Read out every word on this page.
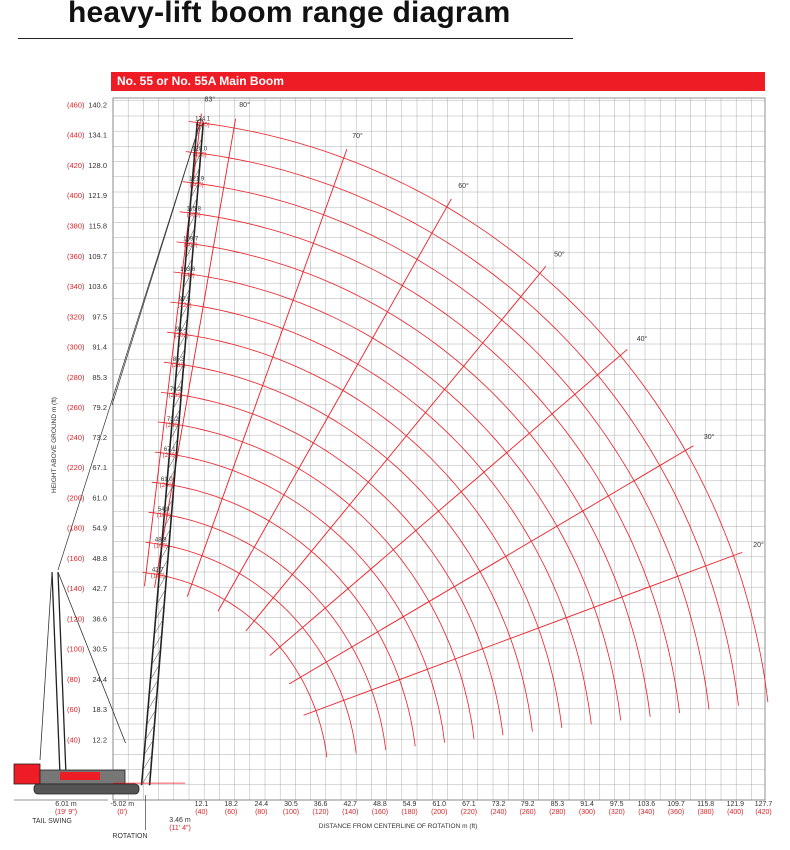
heavy-lift boom range diagram
No. 55 or No. 55A Main Boom
(460) 140.2
(440) 134.1
(420) 128.0
(400) 121.9
(380) 115.8
(360) 109.7
(340) 103.6
(320) 97.5
(300) 91.4
(280) 85.3
(260) 79.2
(240) 73.2
(220) 67.1
(200) 61.0
(180) 54.9
(160) 48.8
(140) 42.7
(120) 36.6
(100) 30.5
(80) 24.4
(60) 18.3
(40) 12.2
-5.02 m
(0')
12.1
(40)
18.2
(60)
24.4
(80)
30.5
(100)
36.6
(120)
42.7
(140)
48.8
(160)
54.9
(180)
61.0
(200)
67.1
(220)
73.2
(240)
79.2
(260)
85.3
(280)
91.4
(300)
97.5
(320)
103.6
(340)
109.7
(360)
115.8
(380)
121.9
(400)
127.7
(420)
HEIGHT ABOVE GROUND m (ft)
DISTANCE FROM CENTERLINE OF ROTATION m (ft)
134.1
(440)
128.0
(420)
121.9
(400)
115.8
(380)
109.7
(360)
103.6
(340)
97.5
(320)
91.4
(300)
85.3
(280)
79.2
(260)
73.2
(240)
67.1
(220)
61.0
(200)
54.9
(180)
48.8
(160)
42.7
(140)
83°
80°
70°
60°
50°
40°
30°
20°
6.01 m
(19' 9")
TAIL SWING	3.46 m
(11' 4")
ROTATION
